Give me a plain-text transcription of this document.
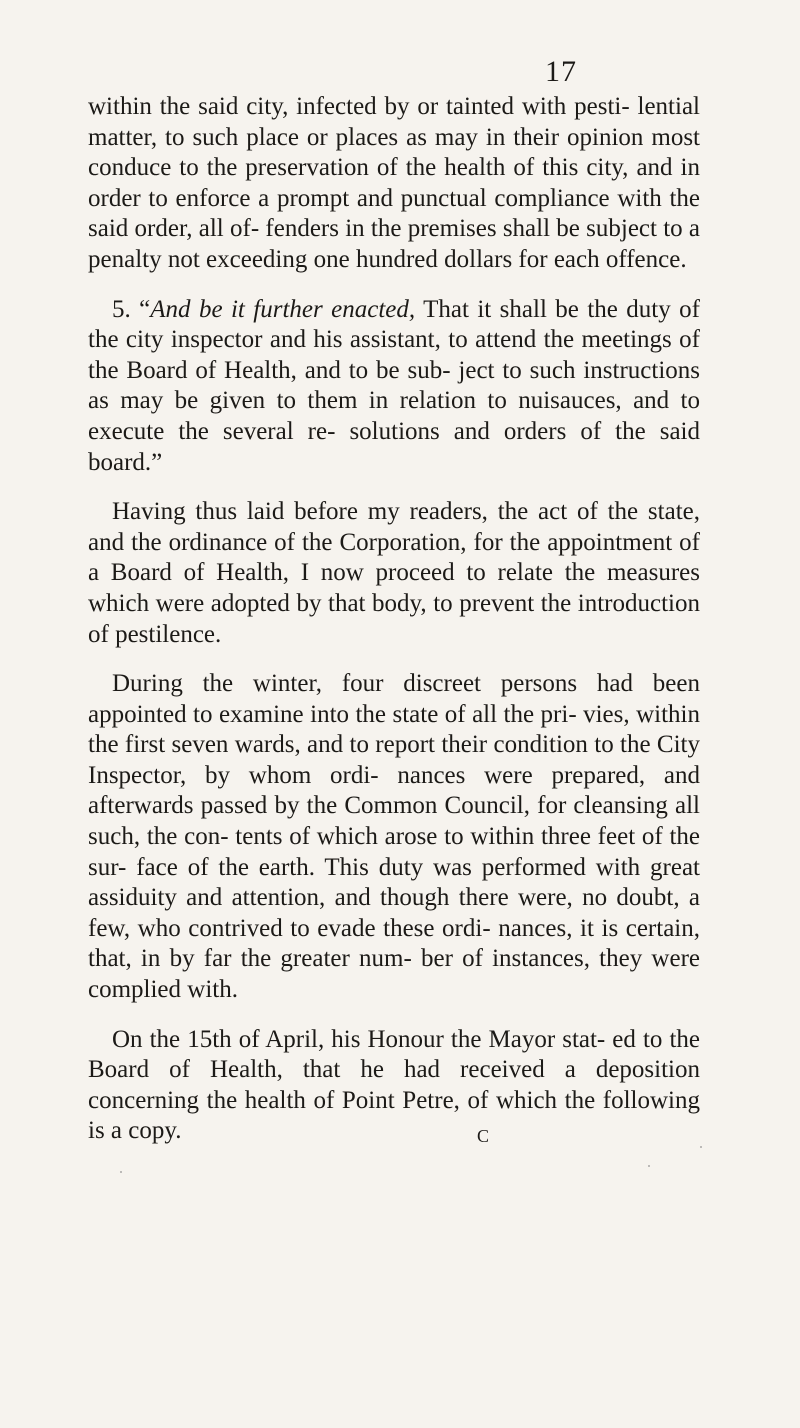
17

within the said city, infected by or tainted with pesti- lential matter, to such place or places as may in their opinion most conduce to the preservation of the health of this city, and in order to enforce a prompt and punctual compliance with the said order, all of- fenders in the premises shall be subject to a penalty not exceeding one hundred dollars for each offence.

5. “And be it further enacted, That it shall be the duty of the city inspector and his assistant, to attend the meetings of the Board of Health, and to be sub- ject to such instructions as may be given to them in relation to nuisauces, and to execute the several re- solutions and orders of the said board.”

Having thus laid before my readers, the act of the state, and the ordinance of the Corporation, for the appointment of a Board of Health, I now proceed to relate the measures which were adopted by that body, to prevent the introduction of pestilence.

During the winter, four discreet persons had been appointed to examine into the state of all the pri- vies, within the first seven wards, and to report their condition to the City Inspector, by whom ordi- nances were prepared, and afterwards passed by the Common Council, for cleansing all such, the con- tents of which arose to within three feet of the sur- face of the earth. This duty was performed with great assiduity and attention, and though there were, no doubt, a few, who contrived to evade these ordi- nances, it is certain, that, in by far the greater num- ber of instances, they were complied with.

On the 15th of April, his Honour the Mayor stat- ed to the Board of Health, that he had received a deposition concerning the health of Point Petre, of which the following is a copy.	C
